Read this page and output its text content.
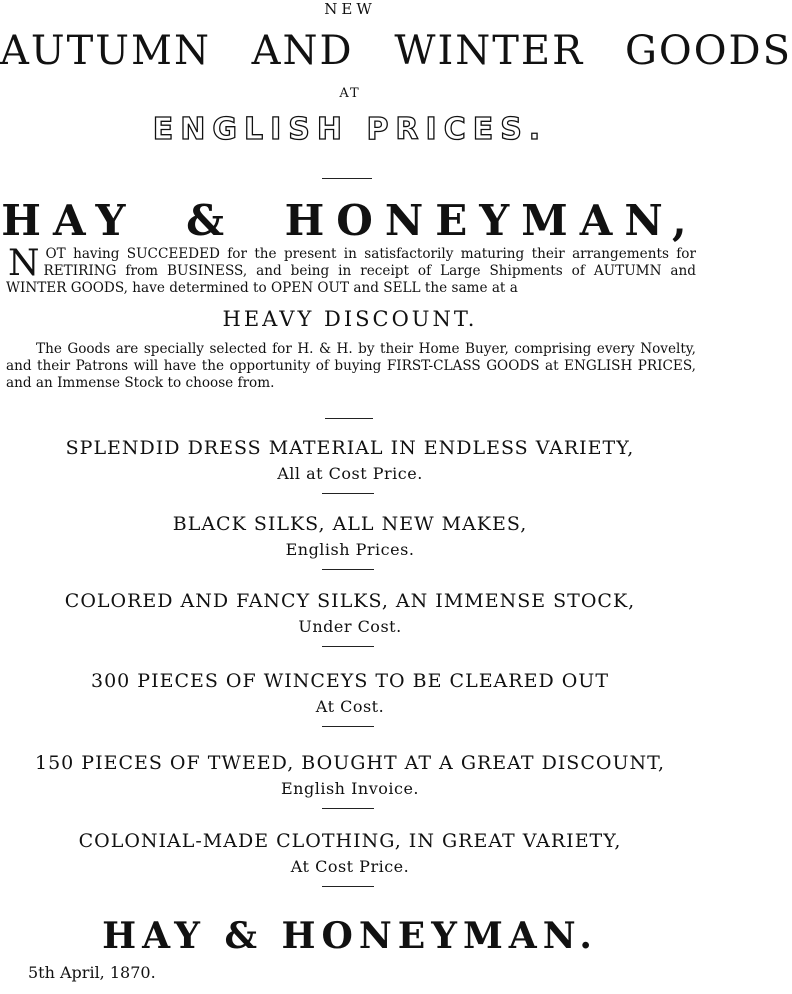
NEW
AUTUMN AND WINTER GOODS
AT
ENGLISH PRICES.
HAY & HONEYMAN,
NOT having SUCCEEDED for the present in satisfactorily maturing their arrangements for RETIRING from BUSINESS, and being in receipt of Large Shipments of AUTUMN and WINTER GOODS, have determined to OPEN OUT and SELL the same at a
HEAVY DISCOUNT.
The Goods are specially selected for H. & H. by their Home Buyer, comprising every Novelty, and their Patrons will have the opportunity of buying FIRST-CLASS GOODS at ENGLISH PRICES, and an Immense Stock to choose from.
SPLENDID DRESS MATERIAL IN ENDLESS VARIETY,
All at Cost Price.
BLACK SILKS, ALL NEW MAKES,
English Prices.
COLORED AND FANCY SILKS, AN IMMENSE STOCK,
Under Cost.
300 PIECES OF WINCEYS TO BE CLEARED OUT
At Cost.
150 PIECES OF TWEED, BOUGHT AT A GREAT DISCOUNT,
English Invoice.
COLONIAL-MADE CLOTHING, IN GREAT VARIETY,
At Cost Price.
HAY & HONEYMAN.
5th April, 1870.
